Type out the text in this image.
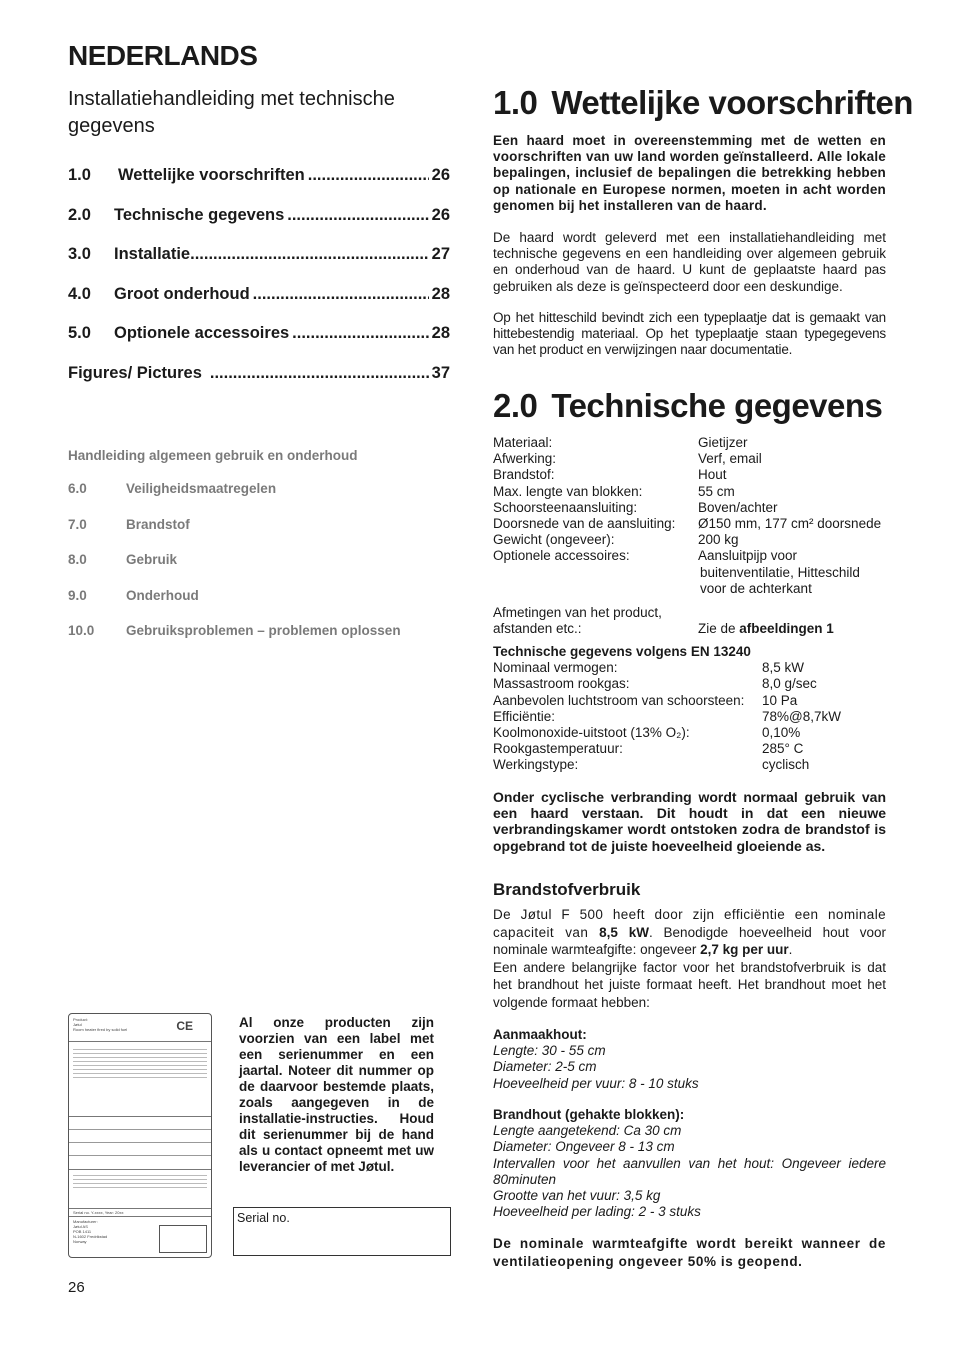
NEDERLANDS
Installatiehandleiding met technische gegevens
1.0	Wettelijke voorschriften .....	26
2.0	Technische gegevens .....	26
3.0	Installatie .....	27
4.0	Groot onderhoud .....	28
5.0	Optionele accessoires .....	28
Figures/ Pictures .....	37
Handleiding algemeen gebruik en onderhoud
6.0	Veiligheidsmaatregelen
7.0	Brandstof
8.0	Gebruik
9.0	Onderhoud
10.0	Gebruiksproblemen – problemen oplossen
1.0 Wettelijke voorschriften
Een haard moet in overeenstemming met de wetten en voorschriften van uw land worden geïnstalleerd. Alle lokale bepalingen, inclusief de bepalingen die betrekking hebben op nationale en Europese normen, moeten in acht worden genomen bij het installeren van de haard.
De haard wordt geleverd met een installatiehandleiding met technische gegevens en een handleiding over algemeen gebruik en onderhoud van de haard. U kunt de geplaatste haard pas gebruiken als deze is geïnspecteerd door een deskundige.
Op het hitteschild bevindt zich een typeplaatje dat is gemaakt van hittebestendig materiaal. Op het typeplaatje staan typegegevens van het product en verwijzingen naar documentatie.
2.0 Technische gegevens
Materiaal:	Gietijzer
Afwerking:	Verf, email
Brandstof:	Hout
Max. lengte van blokken:	55 cm
Schoorsteenaansluiting:	Boven/achter
Doorsnede van de aansluiting:	Ø150 mm, 177 cm² doorsnede
Gewicht (ongeveer):	200 kg
Optionele accessoires:	Aansluitpijp voor
buitenventilatie, Hitteschild
voor de achterkant
Afmetingen van het product,
afstanden etc.:	Zie de afbeeldingen 1
Technische gegevens volgens EN 13240
Nominaal vermogen:	8,5 kW
Massastroom rookgas:	8,0 g/sec
Aanbevolen luchtstroom van schoorsteen:	10 Pa
Efficiëntie:	78%@8,7kW
Koolmonoxide-uitstoot (13% O₂):	0,10%
Rookgastemperatuur:	285° C
Werkingstype:	cyclisch
Onder cyclische verbranding wordt normaal gebruik van een haard verstaan. Dit houdt in dat een nieuwe verbrandingskamer wordt ontstoken zodra de brandstof is opgebrand tot de juiste hoeveelheid gloeiende as.
Brandstofverbruik
De Jøtul F 500 heeft door zijn efficiëntie een nominale capaciteit van 8,5 kW. Benodigde hoeveelheid hout voor nominale warmteafgifte: ongeveer 2,7 kg per uur.
Een andere belangrijke factor voor het brandstofverbruik is dat het brandhout het juiste formaat heeft. Het brandhout moet het volgende formaat hebben:
Aanmaakhout:
Lengte: 30 - 55 cm
Diameter: 2-5 cm
Hoeveelheid per vuur: 8 - 10 stuks
Brandhout (gehakte blokken):
Lengte aangetekend: Ca 30 cm
Diameter: Ongeveer 8 - 13 cm
Intervallen voor het aanvullen van het hout: Ongeveer iedere 80minuten
Grootte van het vuur: 3,5 kg
Hoeveelheid per lading: 2 - 3 stuks
De nominale warmteafgifte wordt bereikt wanneer de ventilatieopening ongeveer 50% is geopend.
Product:
Jøtul
Room heater fired by solid fuel	CE
Serial no. Y-xxxx, Year: 20xx
Manufacturer:
Jøtul AS
POB 1411
N-1602 Fredrikstad
Norway
Al onze producten zijn voorzien van een label met een serienummer en een jaartal. Noteer dit nummer op de daarvoor bestemde plaats, zoals aangegeven in de installatie-instructies. Houd dit serienummer bij de hand als u contact opneemt met uw leverancier of met Jøtul.
Serial no.
26
